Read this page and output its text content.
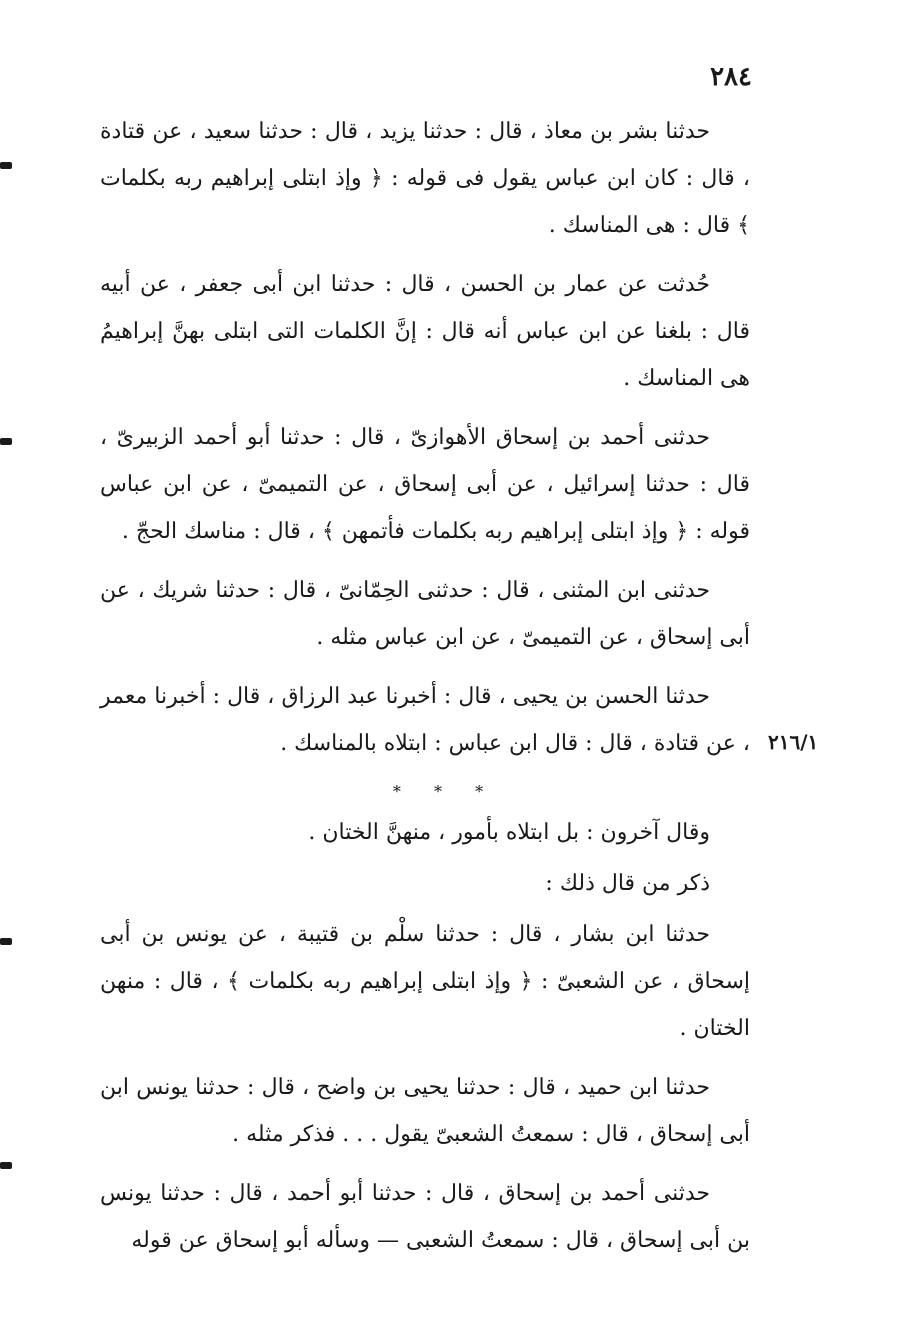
٢٨٤
٢١٦/١

حدثنا بشر بن معاذ ، قال : حدثنا يزيد ، قال : حدثنا سعيد ، عن قتادة ، قال : كان ابن عباس يقول فى قوله : ﴿ وإذ ابتلى إبراهيم ربه بكلمات ﴾ قال : هى المناسك .

حُدثت عن عمار بن الحسن ، قال : حدثنا ابن أبى جعفر ، عن أبيه قال : بلغنا عن ابن عباس أنه قال : إنَّ الكلمات التى ابتلى بهنَّ إبراهيمُ هى المناسك .

حدثنى أحمد بن إسحاق الأهوازىّ ، قال : حدثنا أبو أحمد الزبيرىّ ، قال : حدثنا إسرائيل ، عن أبى إسحاق ، عن التميمىّ ، عن ابن عباس قوله : ﴿ وإذ ابتلى إبراهيم ربه بكلمات فأتمهن ﴾ ، قال : مناسك الحجّ .

حدثنى ابن المثنى ، قال : حدثنى الحِمّانىّ ، قال : حدثنا شريك ، عن أبى إسحاق ، عن التميمىّ ، عن ابن عباس مثله .

حدثنا الحسن بن يحيى ، قال : أخبرنا عبد الرزاق ، قال : أخبرنا معمر ، عن قتادة ، قال : قال ابن عباس : ابتلاه بالمناسك .

* * *

وقال آخرون : بل ابتلاه بأمور ، منهنَّ الختان .

ذكر من قال ذلك :

حدثنا ابن بشار ، قال : حدثنا سلْم بن قتيبة ، عن يونس بن أبى إسحاق ، عن الشعبىّ : ﴿ وإذ ابتلى إبراهيم ربه بكلمات ﴾ ، قال : منهن الختان .

حدثنا ابن حميد ، قال : حدثنا يحيى بن واضح ، قال : حدثنا يونس ابن أبى إسحاق ، قال : سمعتُ الشعبىّ يقول . . . فذكر مثله .

حدثنى أحمد بن إسحاق ، قال : حدثنا أبو أحمد ، قال : حدثنا يونس بن أبى إسحاق ، قال : سمعتُ الشعبى — وسأله أبو إسحاق عن قوله
